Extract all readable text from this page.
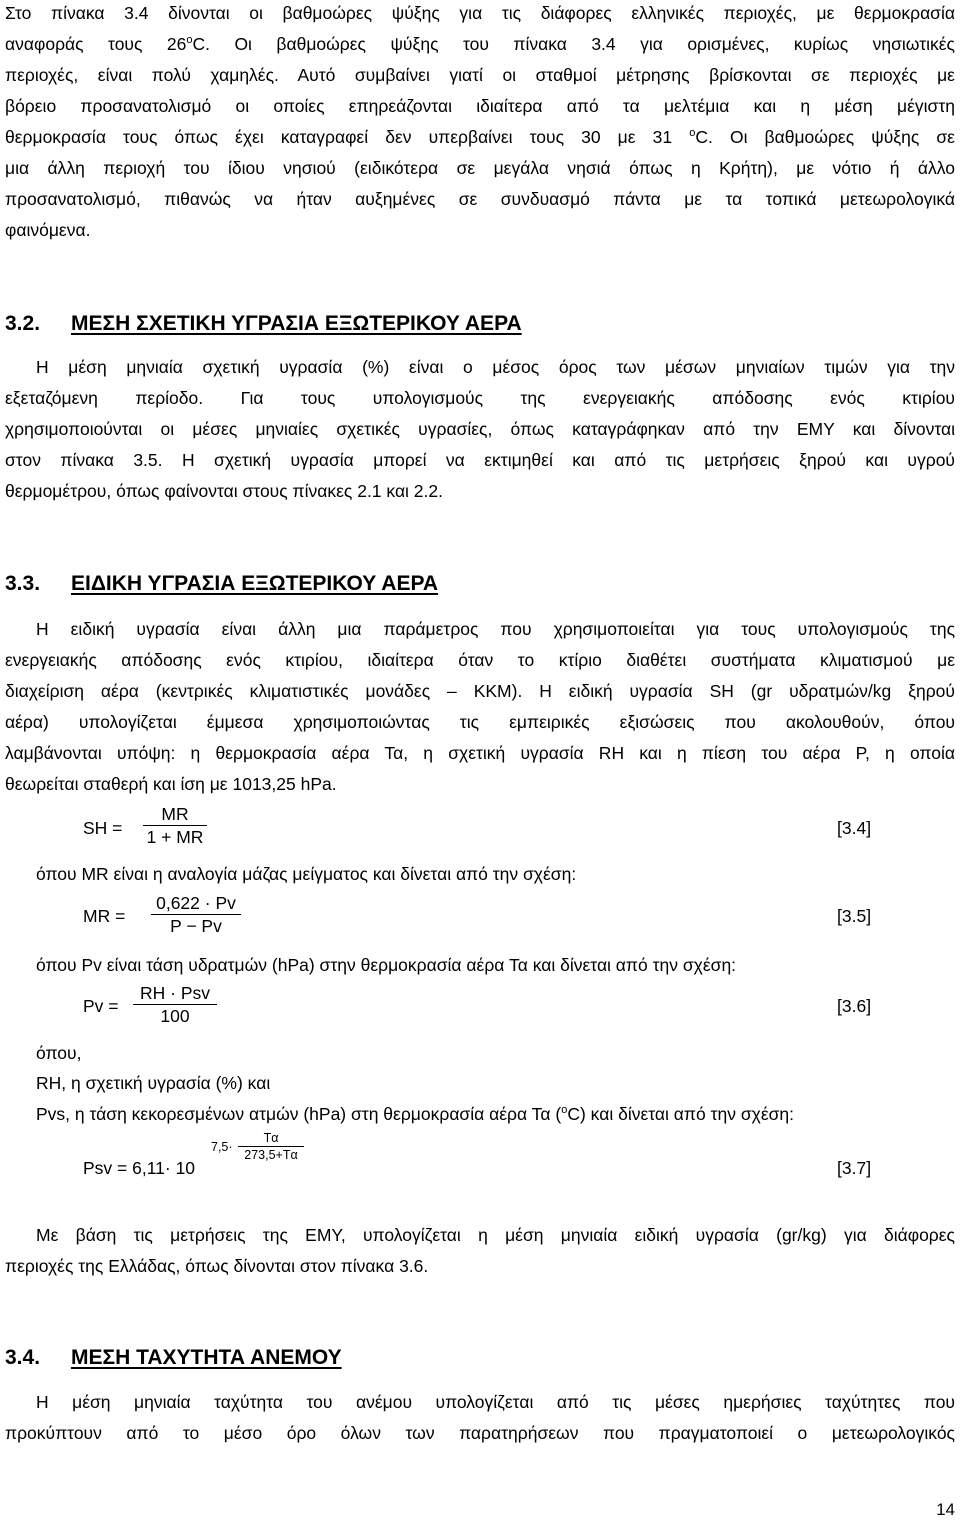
Στο πίνακα 3.4 δίνονται οι βαθμοώρες ψύξης για τις διάφορες ελληνικές περιοχές, με θερμοκρασία
αναφοράς τους 26$^o$C. Οι βαθμοώρες ψύξης του πίνακα 3.4 για ορισμένες, κυρίως νησιωτικές
περιοχές, είναι πολύ χαμηλές. Αυτό συμβαίνει γιατί οι σταθμοί μέτρησης βρίσκονται σε περιοχές με
βόρειο προσανατολισμό οι οποίες επηρεάζονται ιδιαίτερα από τα μελτέμια και η μέση μέγιστη
θερμοκρασία τους όπως έχει καταγραφεί δεν υπερβαίνει τους 30 με 31 $^o$C. Οι βαθμοώρες ψύξης σε
μια άλλη περιοχή του ίδιου νησιού (ειδικότερα σε μεγάλα νησιά όπως η Κρήτη), με νότιο ή άλλο
προσανατολισμό, πιθανώς να ήταν αυξημένες σε συνδυασμό πάντα με τα τοπικά μετεωρολογικά
φαινόμενα.
3.2. ΜΕΣΗ ΣΧΕΤΙΚΗ ΥΓΡΑΣΙΑ ΕΞΩΤΕΡΙΚΟΥ ΑΕΡΑ
Η μέση μηνιαία σχετική υγρασία (%) είναι ο μέσος όρος των μέσων μηνιαίων τιμών για την
εξεταζόμενη περίοδο. Για τους υπολογισμούς της ενεργειακής απόδοσης ενός κτιρίου
χρησιμοποιούνται οι μέσες μηνιαίες σχετικές υγρασίες, όπως καταγράφηκαν από την ΕΜΥ και δίνονται
στον πίνακα 3.5. Η σχετική υγρασία μπορεί να εκτιμηθεί και από τις μετρήσεις ξηρού και υγρού
θερμομέτρου, όπως φαίνονται στους πίνακες 2.1 και 2.2.
3.3. ΕΙΔΙΚΗ ΥΓΡΑΣΙΑ ΕΞΩΤΕΡΙΚΟΥ ΑΕΡΑ
Η ειδική υγρασία είναι άλλη μια παράμετρος που χρησιμοποιείται για τους υπολογισμούς της
ενεργειακής απόδοσης ενός κτιρίου, ιδιαίτερα όταν το κτίριο διαθέτει συστήματα κλιματισμού με
διαχείριση αέρα (κεντρικές κλιματιστικές μονάδες – ΚΚΜ). Η ειδική υγρασία SH (gr υδρατμών/kg ξηρού
αέρα) υπολογίζεται έμμεσα χρησιμοποιώντας τις εμπειρικές εξισώσεις που ακολουθούν, όπου
λαμβάνονται υπόψη: η θερμοκρασία αέρα Τα, η σχετική υγρασία RH και η πίεση του αέρα P, η οποία
θεωρείται σταθερή και ίση με 1013,25 hPa.
SH =
MR
1 + MR	[3.4]
όπου MR είναι η αναλογία μάζας μείγματος και δίνεται από την σχέση:
MR =
0,622 · Pv
P − Pv	[3.5]
όπου Pv είναι τάση υδρατμών (hPa) στην θερμοκρασία αέρα Τα και δίνεται από την σχέση:
Pv =
RH · Psv
100	[3.6]
όπου,
RH, η σχετική υγρασία (%) και
Pvs, η τάση κεκορεσμένων ατμών (hPa) στη θερμοκρασία αέρα Τα ($^o$C) και δίνεται από την σχέση:
Psv = 6,11· 10
7,5·
Tα
273,5+Tα
[3.7]
Με βάση τις μετρήσεις της ΕΜΥ, υπολογίζεται η μέση μηνιαία ειδική υγρασία (gr/kg) για διάφορες
περιοχές της Ελλάδας, όπως δίνονται στον πίνακα 3.6.
3.4. ΜΕΣΗ ΤΑΧΥΤΗΤΑ ΑΝΕΜΟΥ
Η μέση μηνιαία ταχύτητα του ανέμου υπολογίζεται από τις μέσες ημερήσιες ταχύτητες που
προκύπτουν από το μέσο όρο όλων των παρατηρήσεων που πραγματοποιεί ο μετεωρολογικός
14
